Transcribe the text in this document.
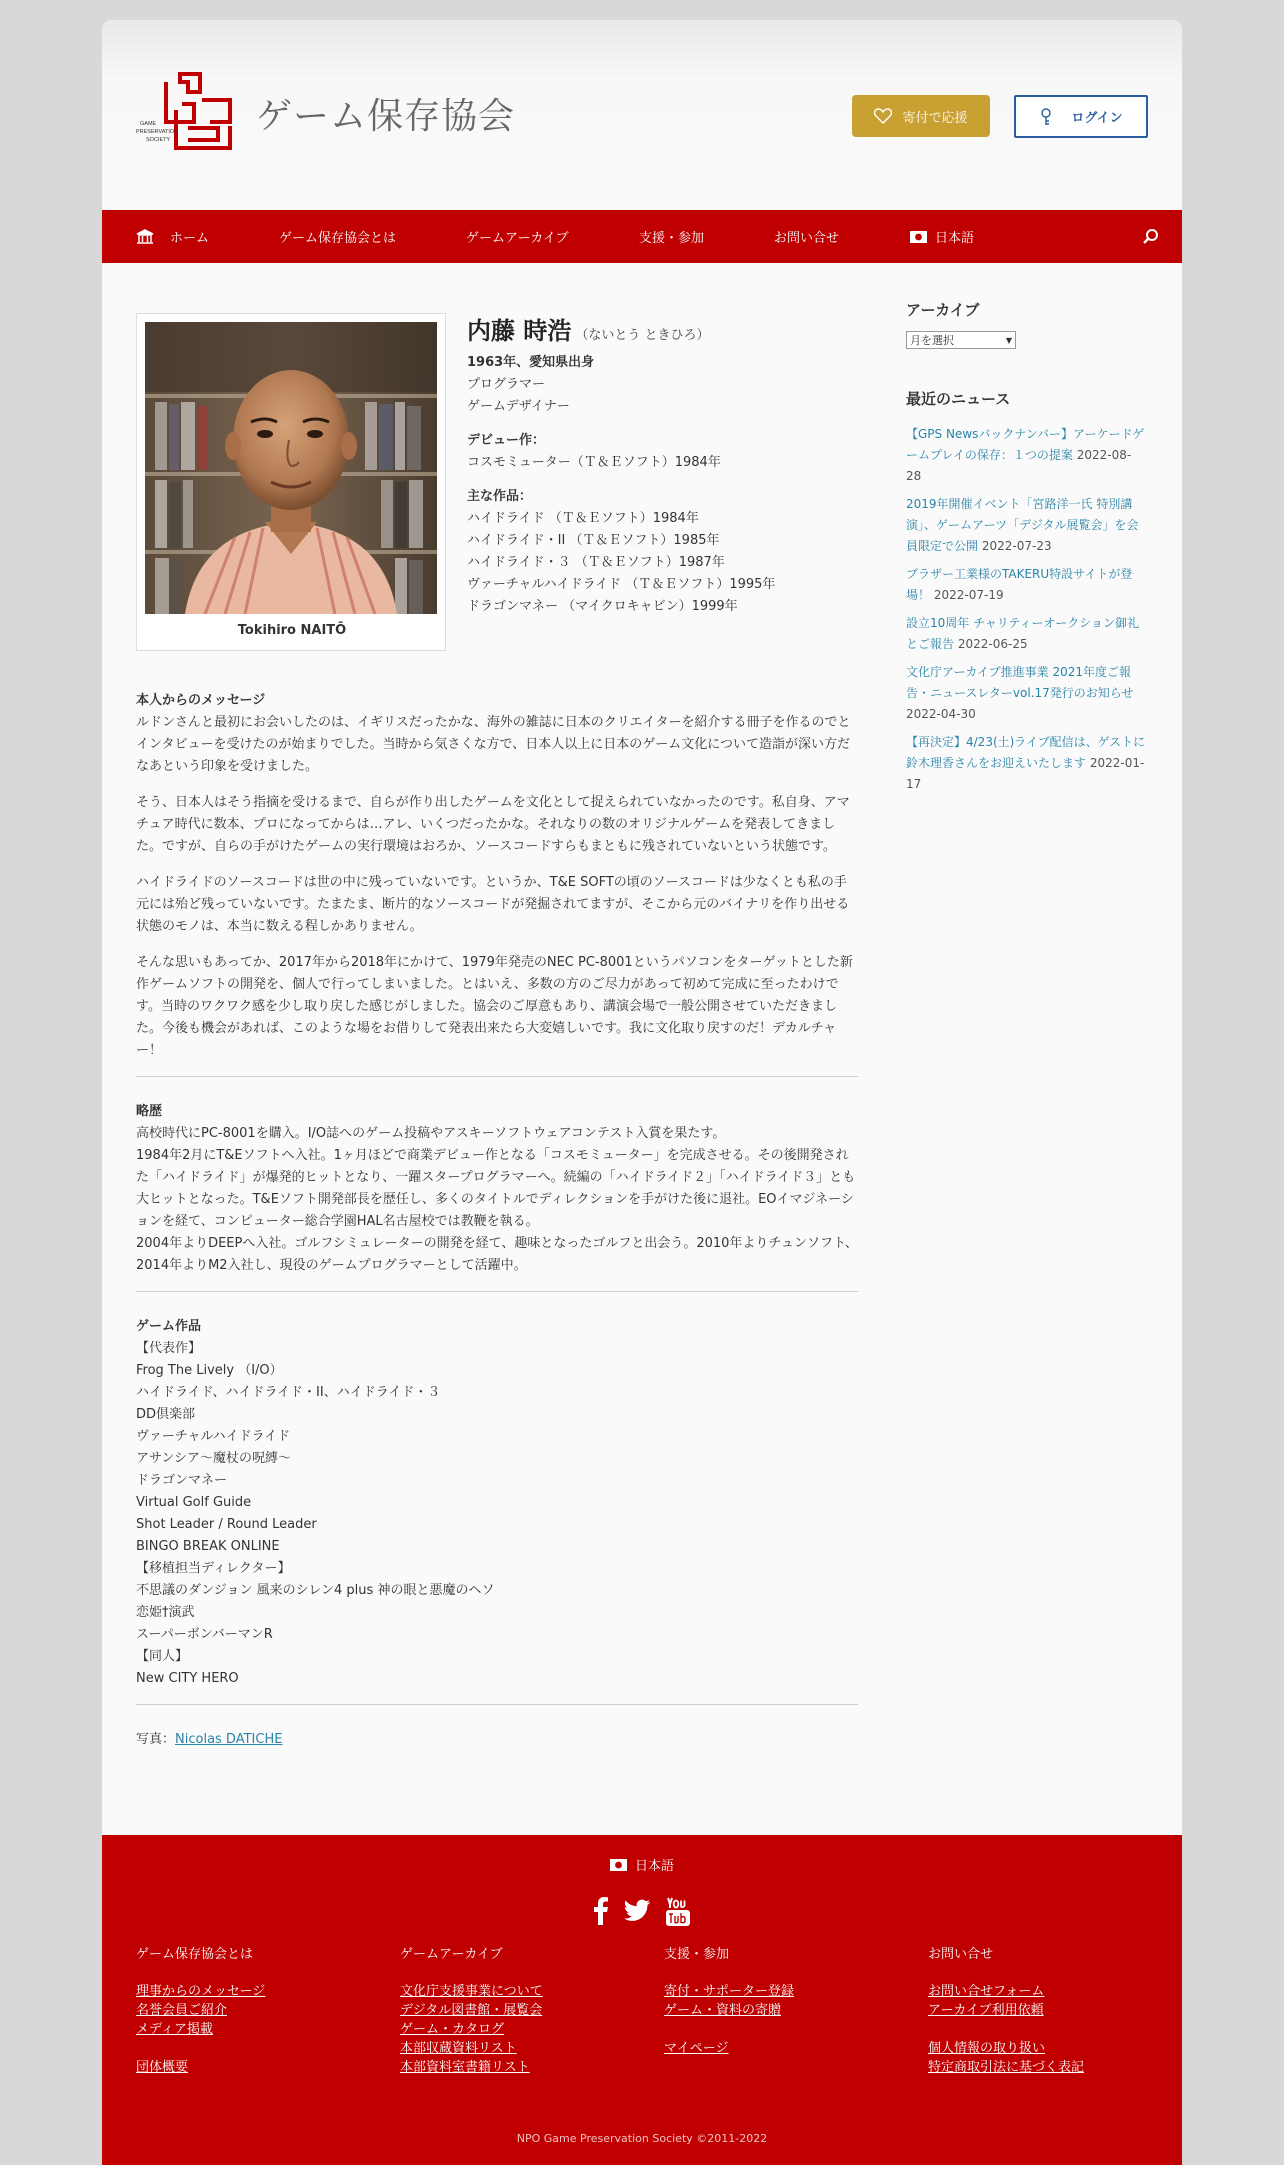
GAME
PRESERVATION
SOCIETY
ゲーム保存協会	寄付で応援	ログイン
ホーム	ゲーム保存協会とは	ゲームアーカイブ	支援・参加	お問い合せ	日本語
Tokihiro NAITŌ
内藤 時浩 （ないとう ときひろ）
1963年、愛知県出身
プログラマー
ゲームデザイナー
デビュー作：
コスモミューター（Ｔ＆Ｅソフト）1984年
主な作品：
ハイドライド （Ｔ＆Ｅソフト）1984年
ハイドライド・II （Ｔ＆Ｅソフト）1985年
ハイドライド・３ （Ｔ＆Ｅソフト）1987年
ヴァーチャルハイドライド （Ｔ＆Ｅソフト）1995年
ドラゴンマネー （マイクロキャビン）1999年
本人からのメッセージ

ルドンさんと最初にお会いしたのは、イギリスだったかな、海外の雑誌に日本のクリエイターを紹介する冊子を作るのでとインタビューを受けたのが始まりでした。当時から気さくな方で、日本人以上に日本のゲーム文化について造詣が深い方だなあという印象を受けました。

そう、日本人はそう指摘を受けるまで、自らが作り出したゲームを文化として捉えられていなかったのです。私自身、アマチュア時代に数本、プロになってからは…アレ、いくつだったかな。それなりの数のオリジナルゲームを発表してきました。ですが、自らの手がけたゲームの実行環境はおろか、ソースコードすらもまともに残されていないという状態です。

ハイドライドのソースコードは世の中に残っていないです。というか、T&E SOFTの頃のソースコードは少なくとも私の手元には殆ど残っていないです。たまたま、断片的なソースコードが発掘されてますが、そこから元のバイナリを作り出せる状態のモノは、本当に数える程しかありません。

そんな思いもあってか、2017年から2018年にかけて、1979年発売のNEC PC-8001というパソコンをターゲットとした新作ゲームソフトの開発を、個人で行ってしまいました。とはいえ、多数の方のご尽力があって初めて完成に至ったわけです。当時のワクワク感を少し取り戻した感じがしました。協会のご厚意もあり、講演会場で一般公開させていただきました。今後も機会があれば、このような場をお借りして発表出来たら大変嬉しいです。我に文化取り戻すのだ！デカルチャー！

略歴
高校時代にPC-8001を購入。I/O誌へのゲーム投稿やアスキーソフトウェアコンテスト入賞を果たす。
1984年2月にT&Eソフトへ入社。1ヶ月ほどで商業デビュー作となる「コスモミューター」を完成させる。その後開発された「ハイドライド」が爆発的ヒットとなり、一躍スタープログラマーへ。続編の「ハイドライド２」「ハイドライド３」とも大ヒットとなった。T&Eソフト開発部長を歴任し、多くのタイトルでディレクションを手がけた後に退社。EOイマジネーションを経て、コンピューター総合学園HAL名古屋校では教鞭を執る。
2004年よりDEEPへ入社。ゴルフシミュレーターの開発を経て、趣味となったゴルフと出会う。2010年よりチュンソフト、2014年よりM2入社し、現役のゲームプログラマーとして活躍中。
ゲーム作品
【代表作】
Frog The Lively （I/O）
ハイドライド、ハイドライド・II、ハイドライド・３
DD倶楽部
ヴァーチャルハイドライド
アサンシア～魔杖の呪縛～
ドラゴンマネー
Virtual Golf Guide
Shot Leader / Round Leader
BINGO BREAK ONLINE
【移植担当ディレクター】
不思議のダンジョン 風来のシレン4 plus 神の眼と悪魔のヘソ
恋姫†演武
スーパーボンバーマンR
【同人】
New CITY HERO
写真：Nicolas DATICHE
アーカイブ
月を選択	▼
最近のニュース
【GPS Newsバックナンバー】アーケードゲームプレイの保存：１つの提案 2022-08-28
2019年開催イベント「宮路洋一氏 特別講演」、ゲームアーツ「デジタル展覧会」を会員限定で公開 2022-07-23
ブラザー工業様のTAKERU特設サイトが登場！ 2022-07-19
設立10周年 チャリティーオークション御礼とご報告 2022-06-25
文化庁アーカイブ推進事業 2021年度ご報告・ニュースレターvol.17発行のお知らせ 2022-04-30
【再決定】4/23(土)ライブ配信は、ゲストに鈴木理香さんをお迎えいたします 2022-01-17
日本語
ゲーム保存協会とは
理事からのメッセージ
名誉会員ご紹介
メディア掲載
団体概要
ゲームアーカイブ
文化庁支援事業について
デジタル図書館・展覧会
ゲーム・カタログ
本部収蔵資料リスト
本部資料室書籍リスト
支援・参加
寄付・サポーター登録
ゲーム・資料の寄贈
マイページ
お問い合せ
お問い合せフォーム
アーカイブ利用依頼
個人情報の取り扱い
特定商取引法に基づく表記
NPO Game Preservation Society ©2011-2022
